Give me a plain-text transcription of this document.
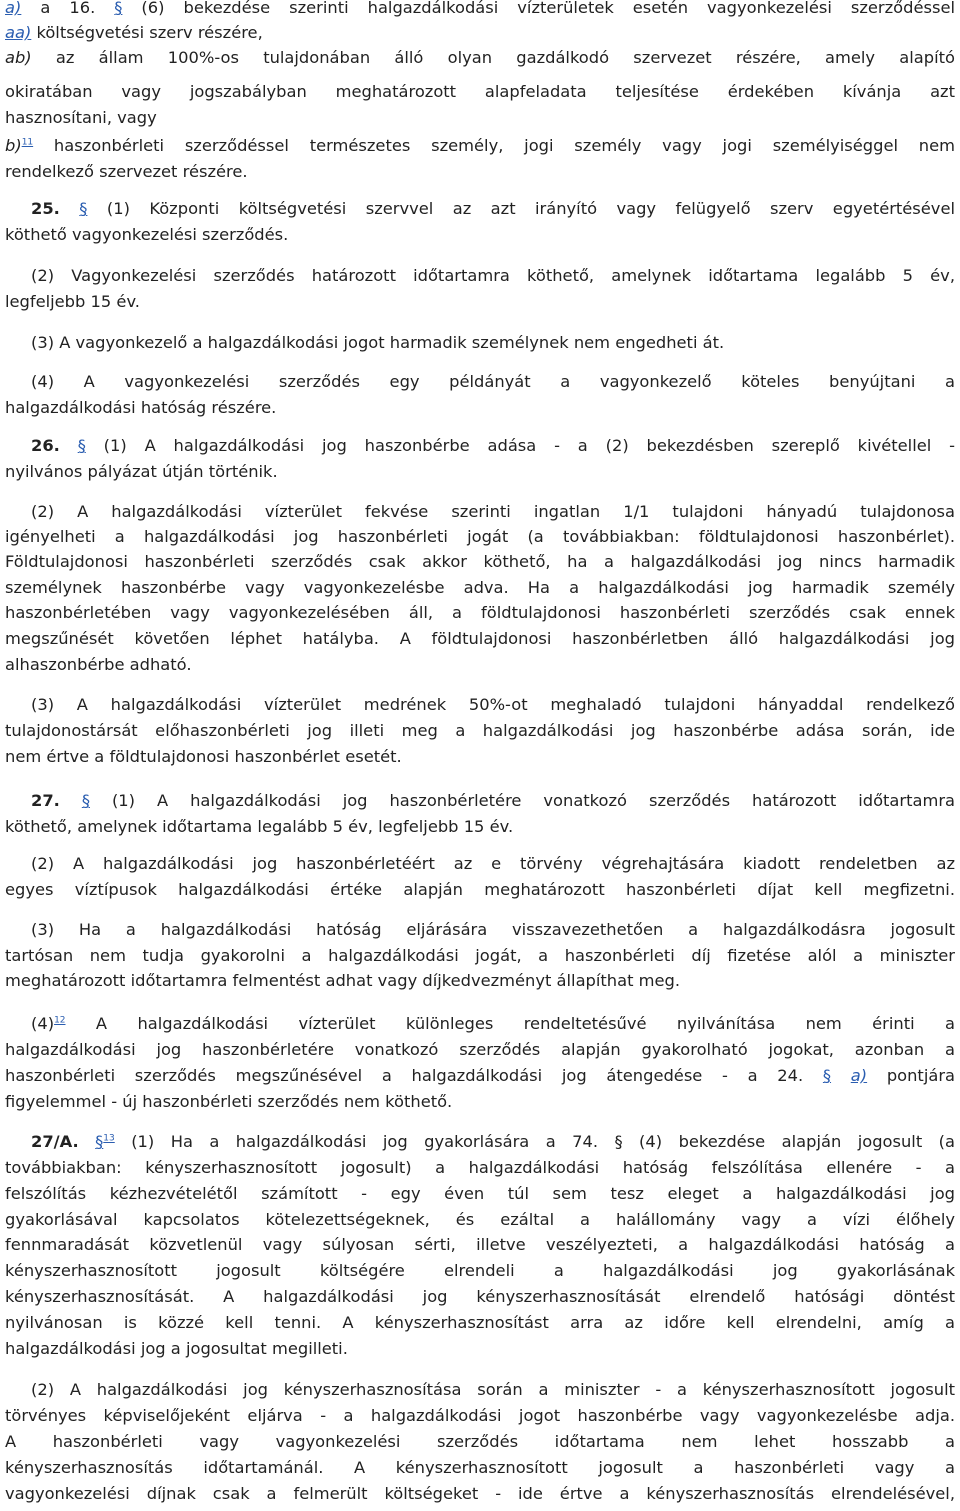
a) a 16. § (6) bekezdése szerinti halgazdálkodási vízterületek esetén vagyonkezelési szerződéssel
aa) költségvetési szerv részére,
ab) az állam 100%-os tulajdonában álló olyan gazdálkodó szervezet részére, amely alapító
okiratában vagy jogszabályban meghatározott alapfeladata teljesítése érdekében kívánja azt
hasznosítani, vagy
b)$^{11}$ haszonbérleti szerződéssel természetes személy, jogi személy vagy jogi személyiséggel nem
rendelkező szervezet részére.
25. § (1) Központi költségvetési szervvel az azt irányító vagy felügyelő szerv egyetértésével
köthető vagyonkezelési szerződés.
(2) Vagyonkezelési szerződés határozott időtartamra köthető, amelynek időtartama legalább 5 év,
legfeljebb 15 év.
(3) A vagyonkezelő a halgazdálkodási jogot harmadik személynek nem engedheti át.
(4) A vagyonkezelési szerződés egy példányát a vagyonkezelő köteles benyújtani a
halgazdálkodási hatóság részére.
26. § (1) A halgazdálkodási jog haszonbérbe adása - a (2) bekezdésben szereplő kivétellel -
nyilvános pályázat útján történik.
(2) A halgazdálkodási vízterület fekvése szerinti ingatlan 1/1 tulajdoni hányadú tulajdonosa
igényelheti a halgazdálkodási jog haszonbérleti jogát (a továbbiakban: földtulajdonosi haszonbérlet).
Földtulajdonosi haszonbérleti szerződés csak akkor köthető, ha a halgazdálkodási jog nincs harmadik
személynek haszonbérbe vagy vagyonkezelésbe adva. Ha a halgazdálkodási jog harmadik személy
haszonbérletében vagy vagyonkezelésében áll, a földtulajdonosi haszonbérleti szerződés csak ennek
megszűnését követően léphet hatályba. A földtulajdonosi haszonbérletben álló halgazdálkodási jog
alhaszonbérbe adható.
(3) A halgazdálkodási vízterület medrének 50%-ot meghaladó tulajdoni hányaddal rendelkező
tulajdonostársát előhaszonbérleti jog illeti meg a halgazdálkodási jog haszonbérbe adása során, ide
nem értve a földtulajdonosi haszonbérlet esetét.
27. § (1) A halgazdálkodási jog haszonbérletére vonatkozó szerződés határozott időtartamra
köthető, amelynek időtartama legalább 5 év, legfeljebb 15 év.
(2) A halgazdálkodási jog haszonbérletéért az e törvény végrehajtására kiadott rendeletben az
egyes víztípusok halgazdálkodási értéke alapján meghatározott haszonbérleti díjat kell megfizetni.
(3) Ha a halgazdálkodási hatóság eljárására visszavezethetően a halgazdálkodásra jogosult
tartósan nem tudja gyakorolni a halgazdálkodási jogát, a haszonbérleti díj fizetése alól a miniszter
meghatározott időtartamra felmentést adhat vagy díjkedvezményt állapíthat meg.
$(4)^{12}$ A halgazdálkodási vízterület különleges rendeltetésűvé nyilvánítása nem érinti a
halgazdálkodási jog haszonbérletére vonatkozó szerződés alapján gyakorolható jogokat, azonban a
haszonbérleti szerződés megszűnésével a halgazdálkodási jog átengedése - a 24. § a) pontjára
figyelemmel - új haszonbérleti szerződés nem köthető.
27/A. §$^{13}$ (1) Ha a halgazdálkodási jog gyakorlására a 74. § (4) bekezdése alapján jogosult (a
továbbiakban: kényszerhasznosított jogosult) a halgazdálkodási hatóság felszólítása ellenére - a
felszólítás kézhezvételétől számított - egy éven túl sem tesz eleget a halgazdálkodási jog
gyakorlásával kapcsolatos kötelezettségeknek, és ezáltal a halállomány vagy a vízi élőhely
fennmaradását közvetlenül vagy súlyosan sérti, illetve veszélyezteti, a halgazdálkodási hatóság a
kényszerhasznosított jogosult költségére elrendeli a halgazdálkodási jog gyakorlásának
kényszerhasznosítását. A halgazdálkodási jog kényszerhasznosítását elrendelő hatósági döntést
nyilvánosan is közzé kell tenni. A kényszerhasznosítást arra az időre kell elrendelni, amíg a
halgazdálkodási jog a jogosultat megilleti.
(2) A halgazdálkodási jog kényszerhasznosítása során a miniszter - a kényszerhasznosított jogosult
törvényes képviselőjeként eljárva - a halgazdálkodási jogot haszonbérbe vagy vagyonkezelésbe adja.
A haszonbérleti vagy vagyonkezelési szerződés időtartama nem lehet hosszabb a
kényszerhasznosítás időtartamánál. A kényszerhasznosított jogosult a haszonbérleti vagy a
vagyonkezelési díjnak csak a felmerült költségeket - ide értve a kényszerhasznosítás elrendelésével,
